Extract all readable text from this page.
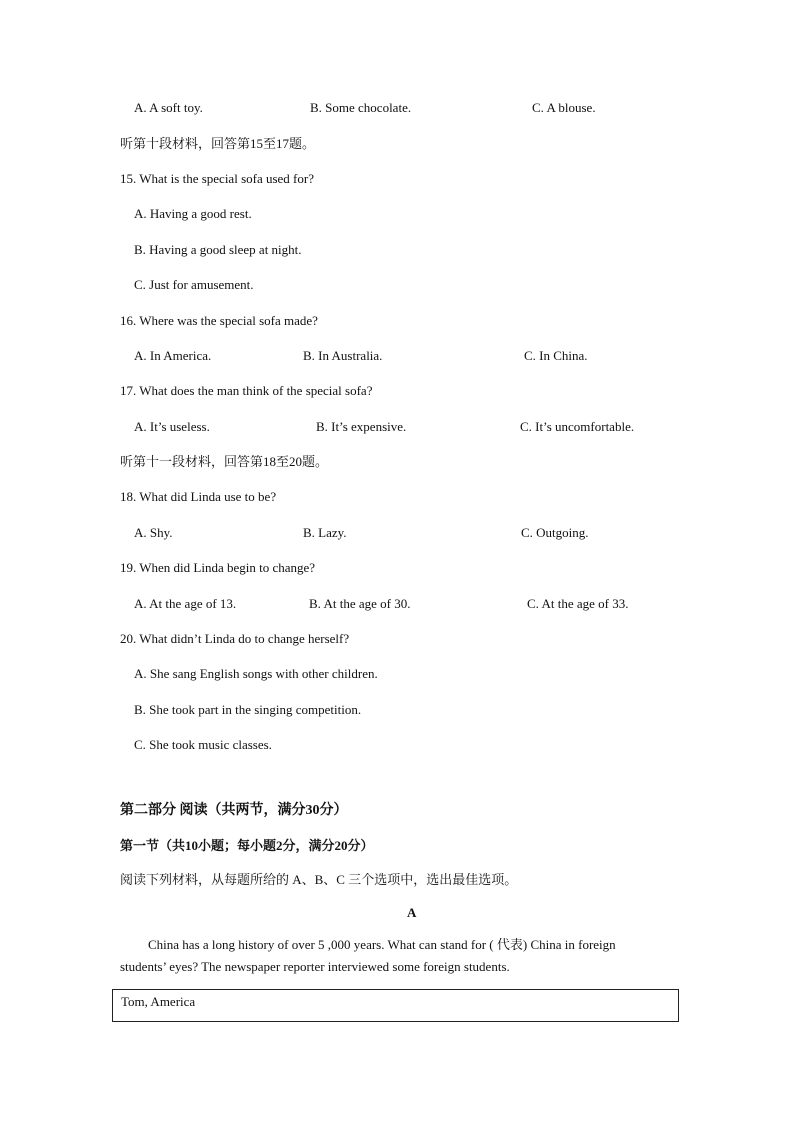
A. A soft toy.	B. Some chocolate.	C. A blouse.
听第十段材料，回答第15至17题。
15. What is the special sofa used for?
A. Having a good rest.
B. Having a good sleep at night.
C. Just for amusement.
16. Where was the special sofa made?
A. In America.	B. In Australia.	C. In China.
17. What does the man think of the special sofa?
A. It’s useless.	B. It’s expensive.	C. It’s uncomfortable.
听第十一段材料，回答第18至20题。
18. What did Linda use to be?
A. Shy.	B. Lazy.	C. Outgoing.
19. When did Linda begin to change?
A. At the age of 13.	B. At the age of 30.	C. At the age of 33.
20. What didn’t Linda do to change herself?
A. She sang English songs with other children.
B. She took part in the singing competition.
C. She took music classes.
第二部分 阅读（共两节，满分30分）
第一节（共10小题；每小题2分，满分20分）
阅读下列材料，从每题所给的 A、B、C 三个选项中，选出最佳选项。
A
China has a long history of over 5 ,000 years. What can stand for ( 代表) China in foreign
students’ eyes? The newspaper reporter interviewed some foreign students.
Tom, America
